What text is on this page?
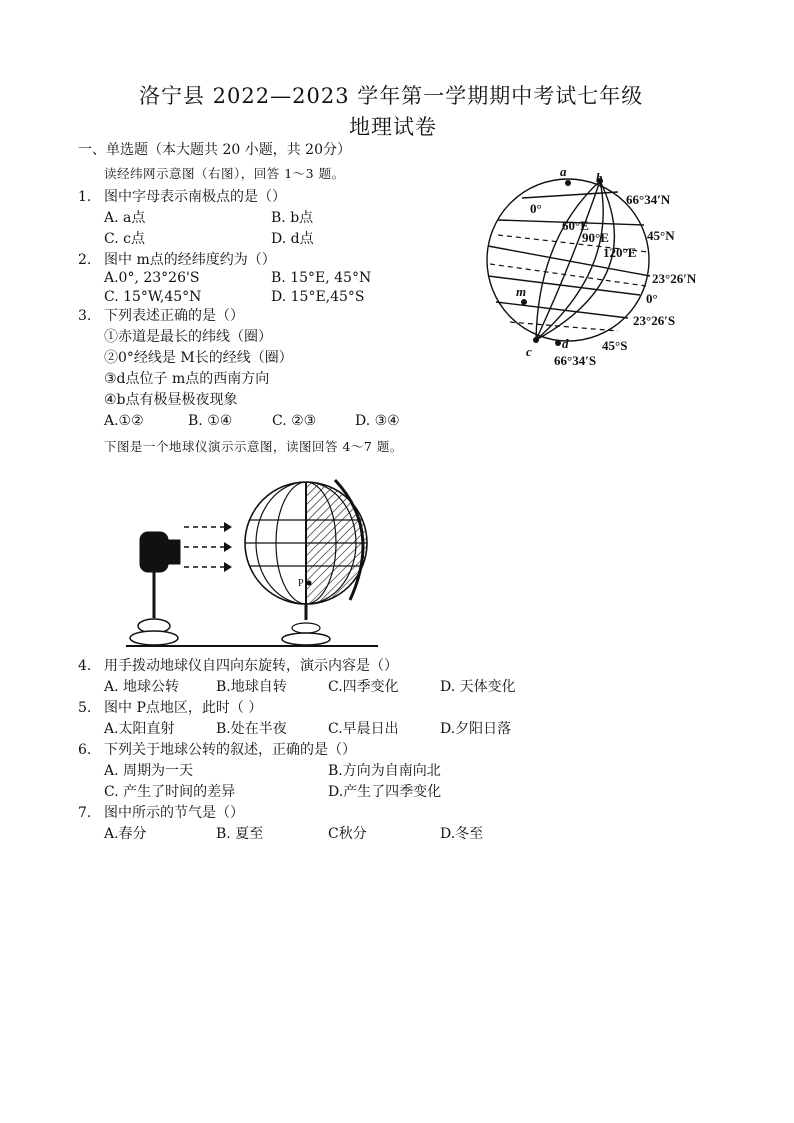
洛宁县 2022—2023 学年第一学期期中考试七年级
地理试卷
一、单选题（本大题共 20 小题，共 20分）
读经纬网示意图（右图），回答 1～3 题。
1. 图中字母表示南极点的是（）
A. a点	B. b点
C. c点	D. d点
2. 图中 m点的经纬度约为（）
A.0°, 23°26'S	B. 15°E, 45°N
C. 15°W,45°N	D. 15°E,45°S
3. 下列表述正确的是（）
①赤道是最长的纬线（圈）
②0°经线是 M长的经线（圈）
③d点位子 m点的西南方向
④b点有极昼极夜现象
A.①②	B. ①④	C. ②③	D. ③④
下图是一个地球仪演示示意图，读图回答 4～7 题。
a b
c
d
m
66°34′N
45°N
23°26′N
0°
23°26′S
45°S
66°34′S
0°
60°E
90°E
120°E
P
4. 用手拨动地球仪自四向东旋转，演示内容是（）
A. 地球公转	B.地球自转	C.四季变化	D. 天体变化
5. 图中 P点地区，此时（ ）
A.太阳直射	B.处在半夜	C.早晨日出	D.夕阳日落
6. 下列关于地球公转的叙述，正确的是（）
A. 周期为一天	B.方向为自南向北
C. 产生了时间的差异	D.产生了四季变化
7. 图中所示的节气是（）
A.春分	B. 夏至	C秋分	D.冬至
